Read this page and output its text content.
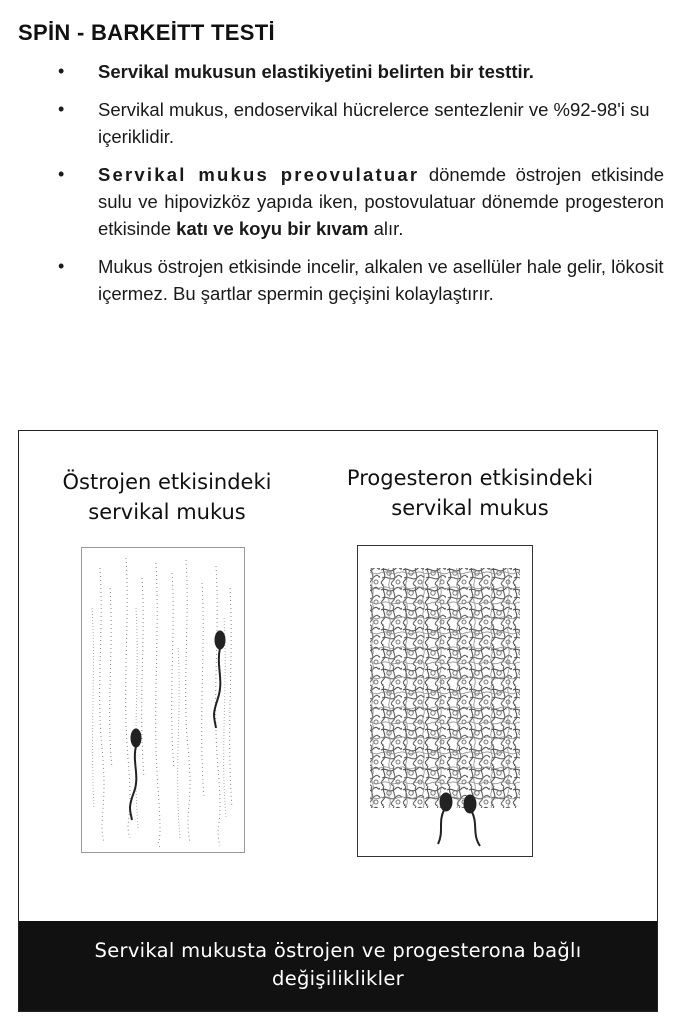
SPİN - BARKEİTT TESTİ
• Servikal mukusun elastikiyetini belirten bir testtir.
• Servikal mukus, endoservikal hücrelerce sentezlenir ve %92-98'i su içeriklidir.
• Servikal mukus preovulatuar dönemde östrojen etkisinde sulu ve hipovizköz yapıda iken, postovulatuar dönemde progesteron etkisinde katı ve koyu bir kıvam alır.
• Mukus östrojen etkisinde incelir, alkalen ve asellüler hale gelir, lökosit içermez. Bu şartlar spermin geçişini kolaylaştırır.
Östrojen etkisindeki
servikal mukus
Progesteron etkisindeki
servikal mukus
Servikal mukusta östrojen ve progesterona bağlı
değişiliklikler
